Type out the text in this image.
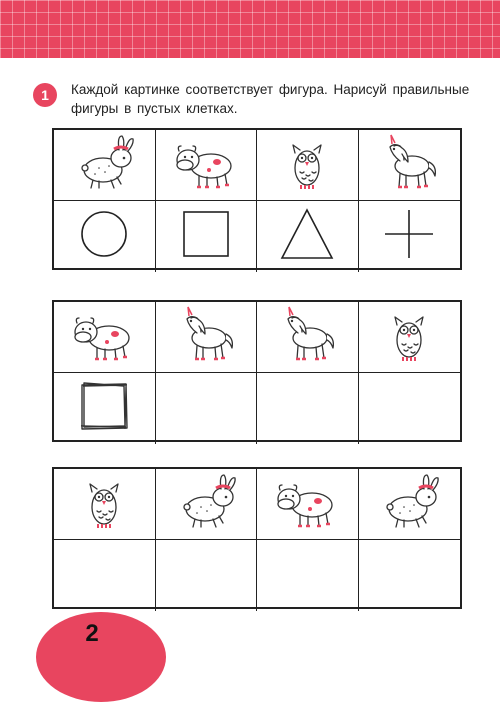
1	Каждой картинке соответствует фигура. Нарисуй правильные фигуры в пустых клетках.

2
